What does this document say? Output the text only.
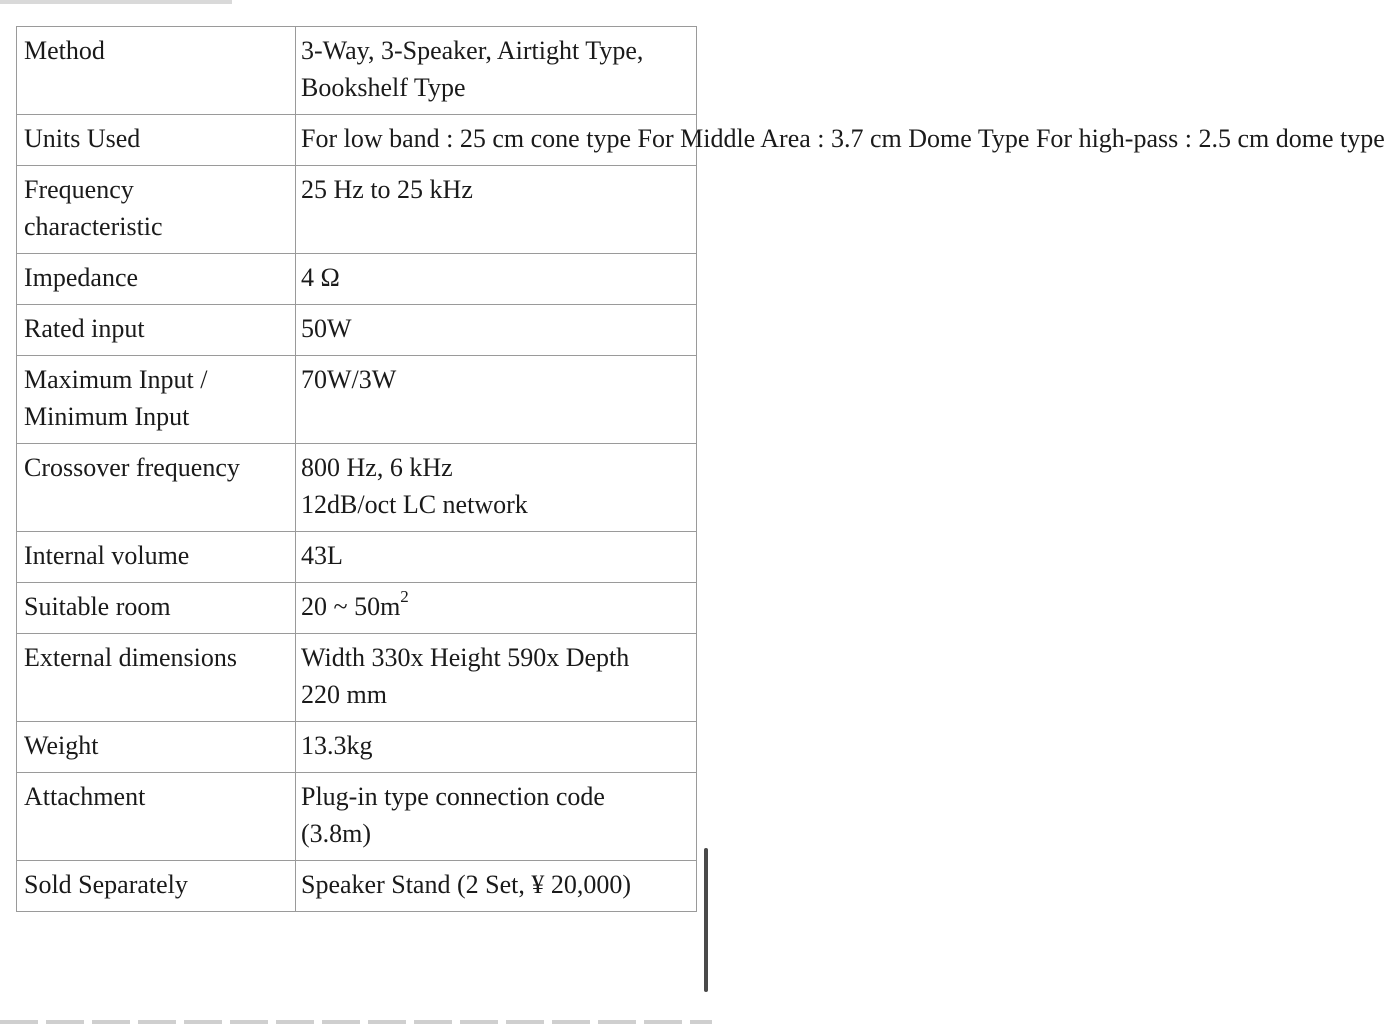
Method	3-Way, 3-Speaker, Airtight Type,
Bookshelf Type
Units Used	For low band : 25 cm cone type For Middle Area : 3.7 cm Dome Type For high-pass : 2.5 cm dome type
Frequency
characteristic	25 Hz to 25 kHz
Impedance	4 Ω
Rated input	50W
Maximum Input /
Minimum Input	70W/3W
Crossover frequency	800 Hz, 6 kHz
12dB/oct LC network
Internal volume	43L
Suitable room	20 ~ $50m^2$
External dimensions	Width 330x Height 590x Depth
220 mm
Weight	13.3kg
Attachment	Plug-in type connection code
(3.8m)
Sold Separately	Speaker Stand (2 Set, ¥ 20,000)
